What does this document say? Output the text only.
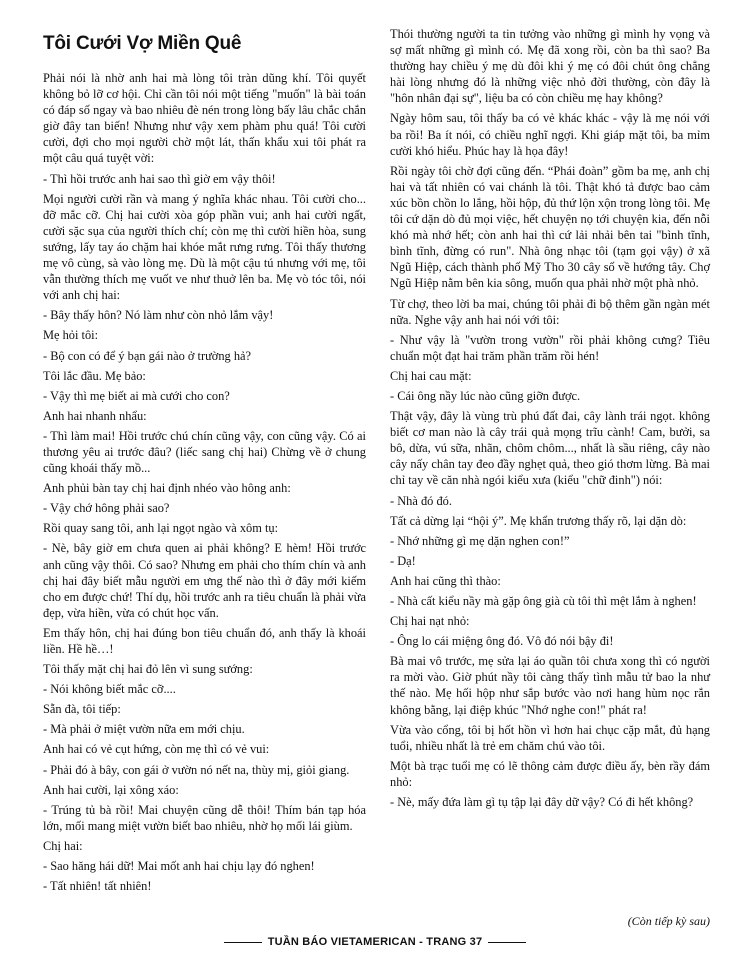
Tôi Cưới Vợ Miền Quê

Phải nói là nhờ anh hai mà lòng tôi tràn dũng khí. Tôi quyết không bỏ lỡ cơ hội. Chỉ cần tôi nói một tiếng "muốn" là bài toán có đáp số ngay và bao nhiêu đè nén trong lòng bấy lâu chắc chắn giờ đây tan biến! Nhưng như vậy xem phàm phu quá! Tôi cười cười, đợi cho mọi người chờ một lát, thấn khẩu xui tôi phát ra một câu quá tuyệt vời:

- Thì hồi trước anh hai sao thì giờ em vậy thôi!

Mọi người cười rần và mang ý nghĩa khác nhau. Tôi cười cho... đỡ mắc cỡ. Chị hai cười xòa góp phần vui; anh hai cười ngất, cười sặc sụa của người thích chí; còn mẹ thì cười hiền hòa, sung sướng, lấy tay áo chặm hai khóe mắt rưng rưng. Tôi thấy thương mẹ vô cùng, sà vào lòng mẹ. Dù là một cậu tú nhưng với mẹ, tôi vẫn thường thích mẹ vuốt ve như thuở lên ba. Mẹ vò tóc tôi, nói với anh chị hai:

- Bây thấy hôn? Nó làm như còn nhỏ lắm vậy!

Mẹ hỏi tôi:

- Bộ con có để ý bạn gái nào ở trường hả?

Tôi lắc đầu. Mẹ bảo:

- Vậy thì mẹ biết ai mà cưới cho con?

Anh hai nhanh nhẩu:

- Thì làm mai! Hồi trước chú chín cũng vậy, con cũng vậy. Có ai thương yêu ai trước đâu? (liếc sang chị hai) Chừng về ở chung cũng khoái thấy mồ...

Anh phủi bàn tay chị hai định nhéo vào hông anh:

- Vậy chớ hông phải sao?

Rồi quay sang tôi, anh lại ngọt ngào và xôm tụ:

- Nè, bây giờ em chưa quen ai phải không? E hèm! Hồi trước anh cũng vậy thôi. Có sao? Nhưng em phải cho thím chín và anh chị hai đây biết mẫu người em ưng thế nào thì ở đây mới kiếm cho em được chứ! Thí dụ, hồi trước anh ra tiêu chuẩn là phải vừa đẹp, vừa hiền, vừa có chút học vấn.

Em thấy hôn, chị hai đúng bon tiêu chuẩn đó, anh thấy là khoái liền. Hề hề…!

Tôi thấy mặt chị hai đỏ lên vì sung sướng:

- Nói không biết mắc cỡ....

Sẵn đà, tôi tiếp:

- Mà phải ở miệt vườn nữa em mới chịu.

Anh hai có vẻ cụt hứng, còn mẹ thì có vẻ vui:

- Phải đó à bây, con gái ở vườn nó nết na, thùy mị, giỏi giang.

Anh hai cười, lại xông xáo:

- Trúng tủ bà rồi! Mai chuyện cũng dễ thôi! Thím bán tạp hóa lớn, mối mang miệt vườn biết bao nhiêu, nhờ họ mối lái giùm.

Chị hai:

- Sao hăng hái dữ! Mai mốt anh hai chịu lạy đó nghen!

- Tất nhiên! tất nhiên!

Thói thường người ta tin tưởng vào những gì mình hy vọng và sợ mất những gì mình có. Mẹ đã xong rồi, còn ba thì sao? Ba thường hay chiều ý mẹ dù đôi khi ý mẹ có đôi chút ông chẳng hài lòng nhưng đó là những việc nhỏ đời thường, còn đây là "hôn nhân đại sự", liệu ba có còn chiều mẹ hay không?

Ngày hôm sau, tôi thấy ba có vẻ khác khác - vậy là mẹ nói với ba rồi! Ba ít nói, có chiều nghĩ ngợi. Khi giáp mặt tôi, ba mỉm cười khó hiểu. Phúc hay là họa đây!

Rồi ngày tôi chờ đợi cũng đến. “Phái đoàn” gồm ba mẹ, anh chị hai và tất nhiên có vai chánh là tôi. Thật khó tả được bao cảm xúc bồn chồn lo lắng, hồi hộp, đủ thứ lộn xộn trong lòng tôi. Mẹ tôi cứ dặn dò đủ mọi việc, hết chuyện nọ tới chuyện kia, đến nỗi khó mà nhớ hết; còn anh hai thì cứ lải nhải bên tai "bình tĩnh, bình tĩnh, đừng có run". Nhà ông nhạc tôi (tạm gọi vậy) ở xã Ngũ Hiệp, cách thành phố Mỹ Tho 30 cây số về hướng tây. Chợ Ngũ Hiệp nằm bên kia sông, muốn qua phải nhờ một phà nhỏ.

Từ chợ, theo lời ba mai, chúng tôi phải đi bộ thêm gần ngàn mét nữa. Nghe vậy anh hai nói với tôi:

- Như vậy là "vườn trong vườn" rồi phải không cưng? Tiêu chuẩn một đạt hai trăm phần trăm rồi hén!

Chị hai cau mặt:

- Cái ông nầy lúc nào cũng giỡn được.

Thật vậy, đây là vùng trù phú đất đai, cây lành trái ngọt. không biết cơ man nào là cây trái quả mọng trĩu cành! Cam, bưởi, sa bô, dừa, vú sữa, nhãn, chôm chôm..., nhất là sầu riêng, cây nào cây nấy chân tay đeo đầy nghẹt quả, theo gió thơm lừng. Bà mai chỉ tay về căn nhà ngói kiểu xưa (kiểu "chữ đinh") nói:

- Nhà đó đó.

Tất cả dừng lại “hội ý”. Mẹ khẩn trương thấy rõ, lại dặn dò:

- Nhớ những gì mẹ dặn nghen con!”

- Dạ!

Anh hai cũng thì thào:

- Nhà cất kiểu nầy mà gặp ông già cù tôi thì mệt lắm à nghen!

Chị hai nạt nhỏ:

- Ông lo cái miệng ông đó. Vô đó nói bậy đi!

Bà mai vô trước, mẹ sửa lại áo quần tôi chưa xong thì có người ra mời vào. Giờ phút nầy tôi càng thấy tình mẫu tử bao la như thế nào. Mẹ hối hộp như sắp bước vào nơi hang hùm nọc rắn không bằng, lại điệp khúc "Nhớ nghe con!" phát ra!

Vừa vào cổng, tôi bị hốt hồn vì hơn hai chục cặp mắt, đủ hạng tuổi, nhiều nhất là trẻ em chăm chú vào tôi.

Một bà trạc tuổi mẹ có lẽ thông cảm được điều ấy, bèn rầy đám nhỏ:

- Nè, mấy đứa làm gì tụ tập lại đây dữ vậy? Có đi hết không?

(Còn tiếp kỳ sau)
TUẦN BÁO VIETAMERICAN - TRANG 37
